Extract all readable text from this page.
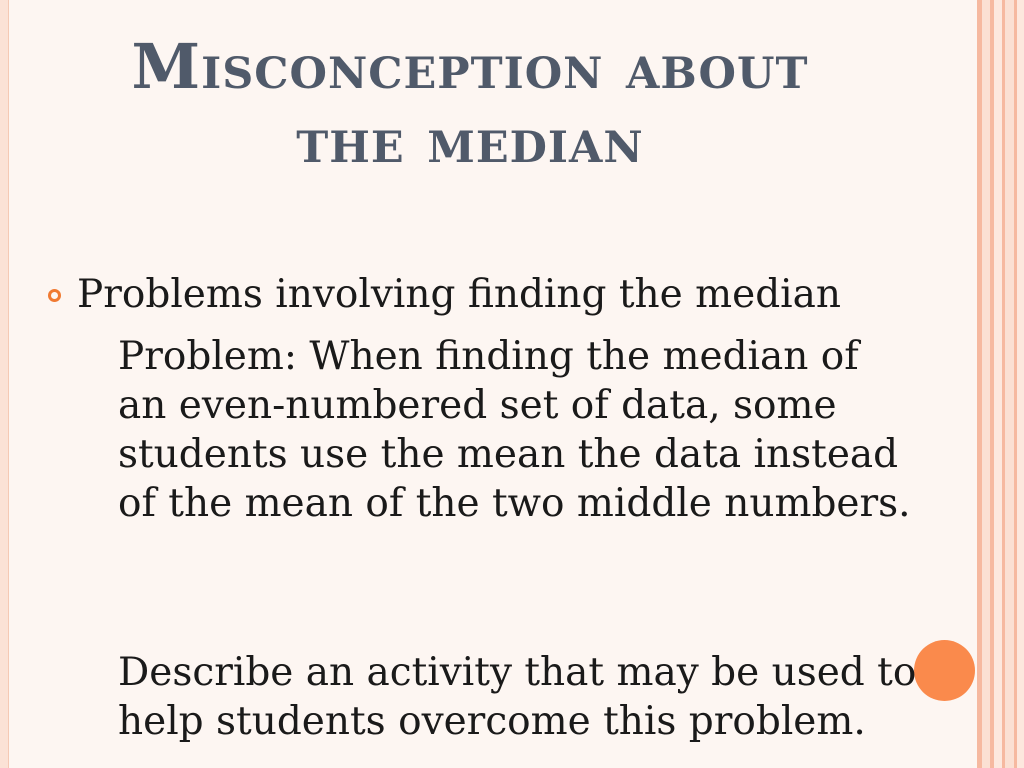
Misconception about
the median
Problems involving finding the median

Problem: When finding the median of an even-numbered set of data, some students use the mean the data instead of the mean of the two middle numbers.

Describe an activity that may be used to help students overcome this problem.
